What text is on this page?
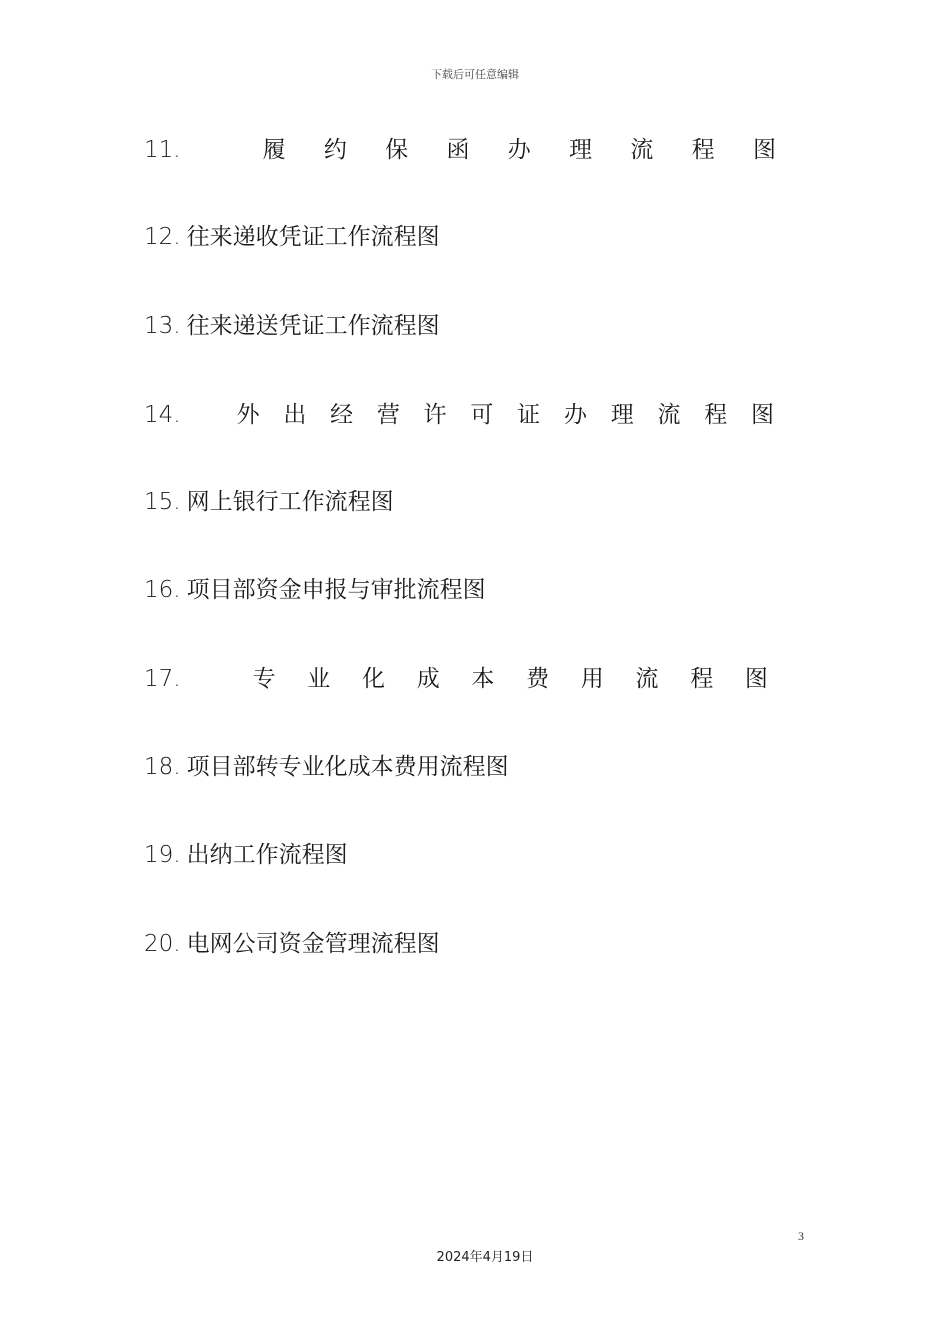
下载后可任意编辑
11.	履 约 保 函 办 理 流 程 图
12. 往来递收凭证工作流程图
13. 往来递送凭证工作流程图
14. 外 出 经 营 许 可 证 办 理 流 程 图
15. 网上银行工作流程图
16. 项目部资金申报与审批流程图
17.	专 业 化 成 本 费 用 流 程 图
18. 项目部转专业化成本费用流程图
19. 出纳工作流程图
20. 电网公司资金管理流程图
3
2024年4月19日
